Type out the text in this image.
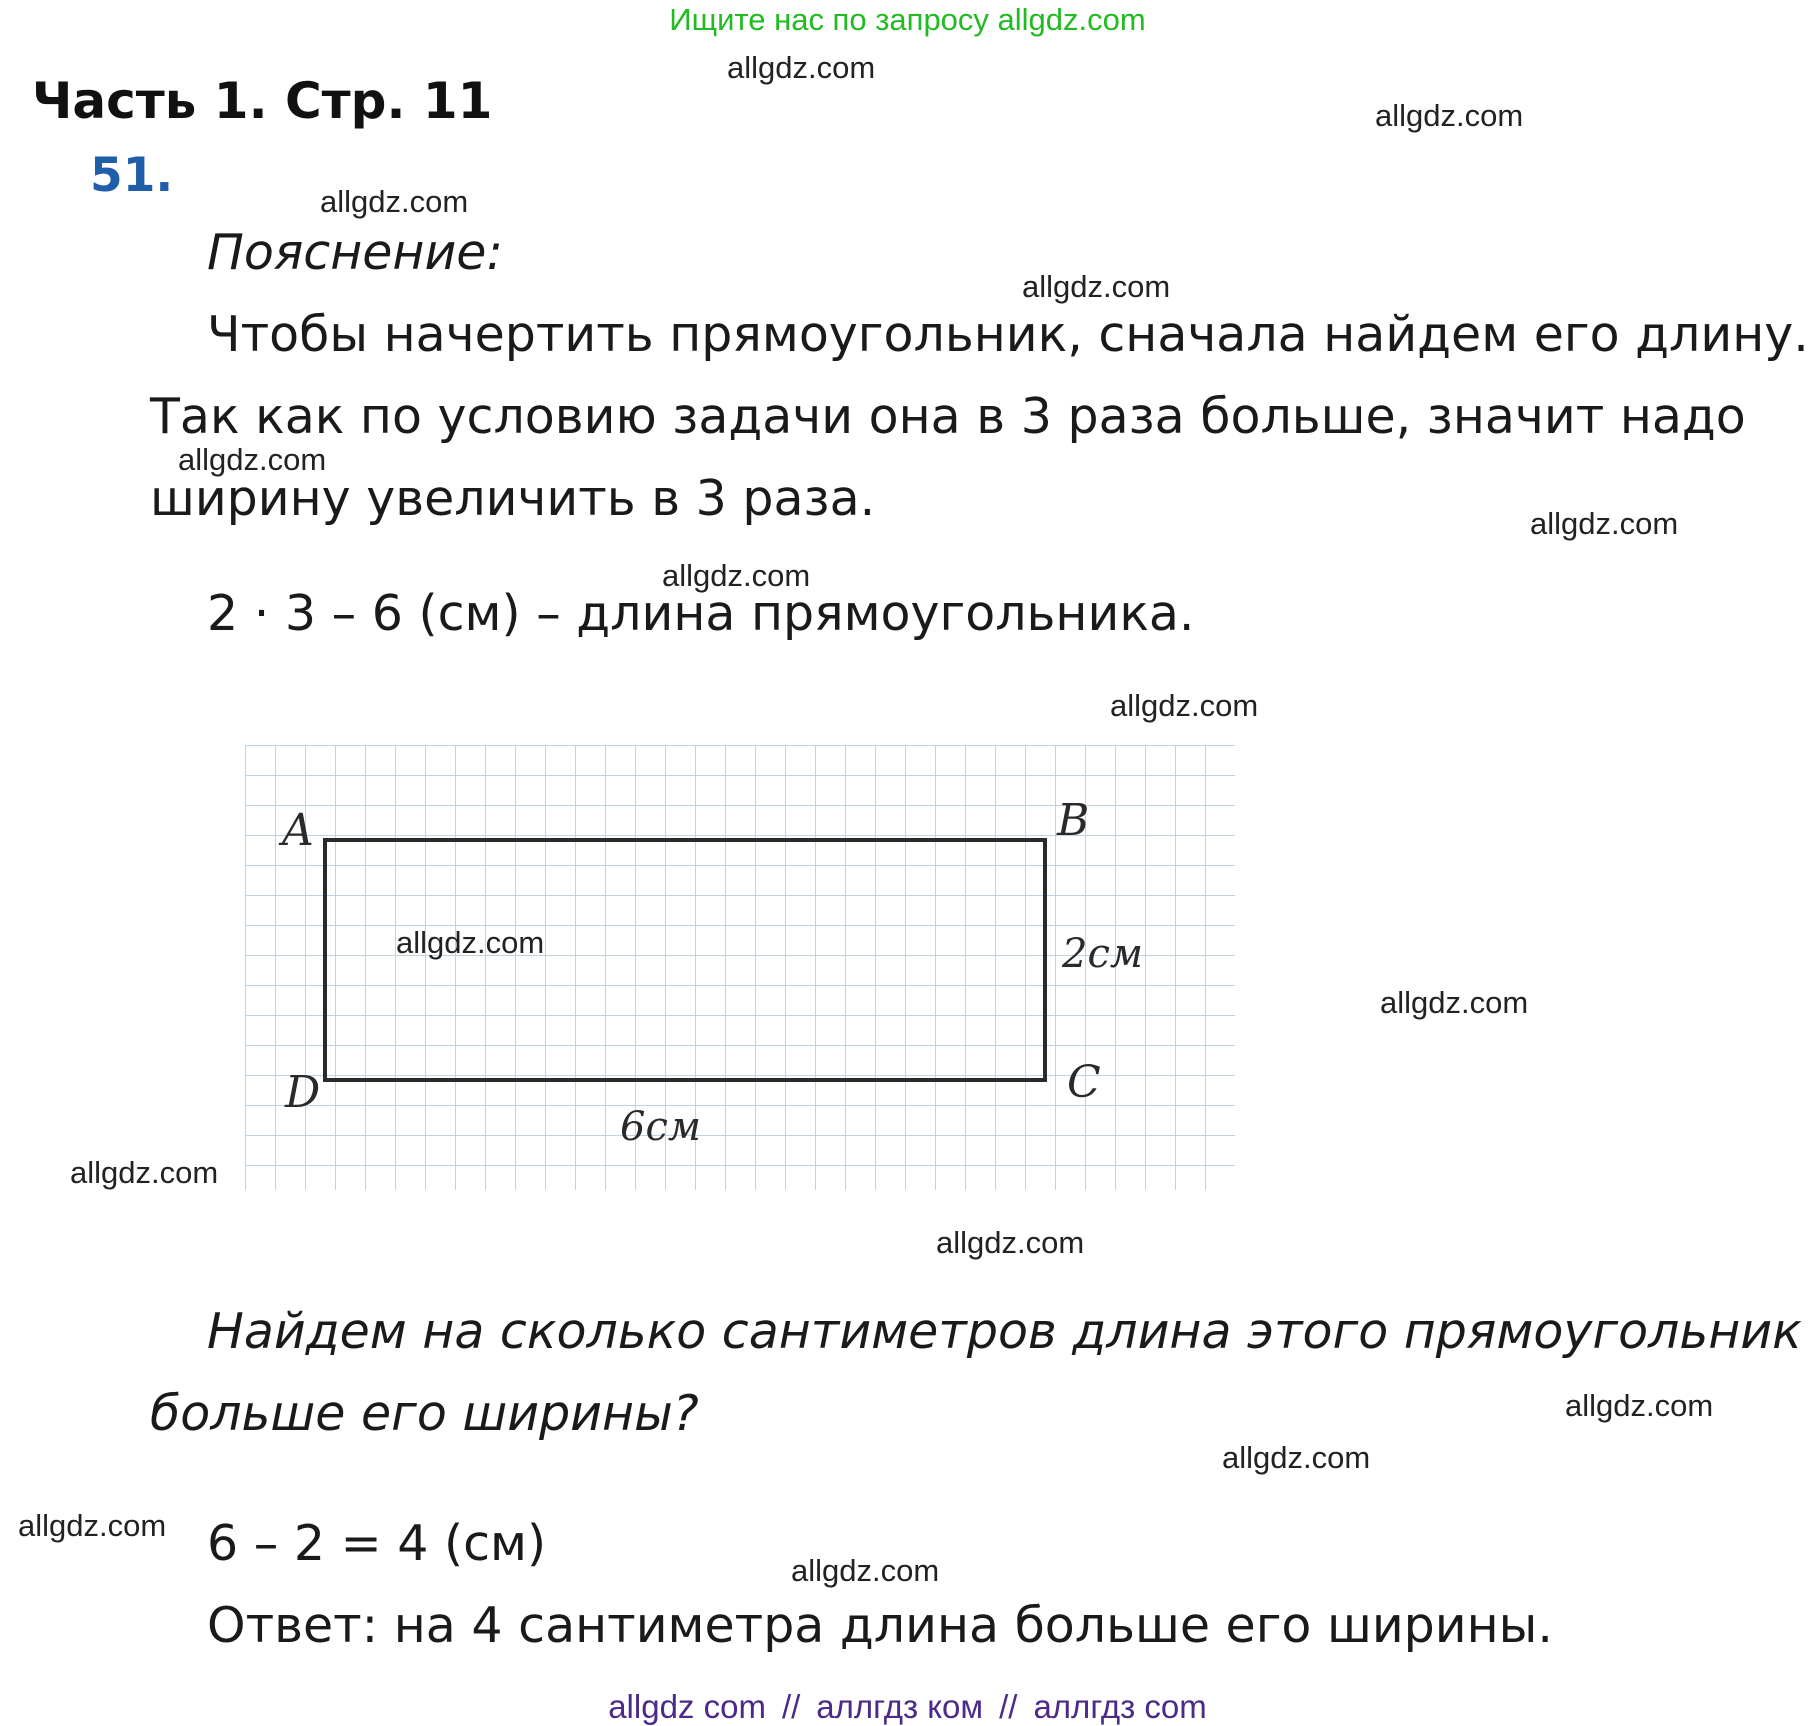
Ищите нас по запросу allgdz.com
Часть 1. Стр. 11
51.
Пояснение:
Чтобы начертить прямоугольник, сначала найдем его длину.
Так как по условию задачи она в 3 раза больше, значит надо
ширину увеличить в 3 раза.
2 · 3 – 6 (см) – длина прямоугольника.
A	B
C
D
2см
6см
Найдем на сколько сантиметров длина этого прямоугольник
больше его ширины?
6 – 2 = 4 (см)
Ответ: на 4 сантиметра длина больше его ширины.
allgdz.com
allgdz.com
allgdz.com
allgdz.com
allgdz.com
allgdz.com
allgdz.com
allgdz.com
allgdz.com
allgdz.com
allgdz.com
allgdz.com
allgdz.com
allgdz.com
allgdz.com
allgdz.com
allgdz com // аллгдз ком // аллгдз com
